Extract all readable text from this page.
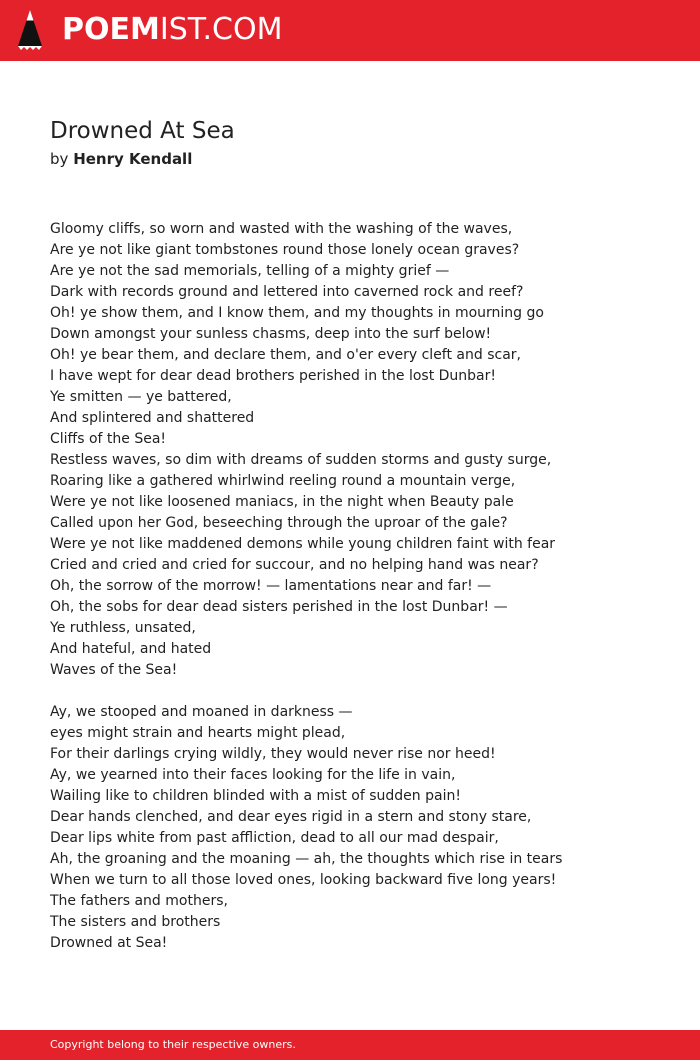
POEMIST.COM
Drowned At Sea
by Henry Kendall
Gloomy cliffs, so worn and wasted with the washing of the waves,
Are ye not like giant tombstones round those lonely ocean graves?
Are ye not the sad memorials, telling of a mighty grief —
Dark with records ground and lettered into caverned rock and reef?
Oh! ye show them, and I know them, and my thoughts in mourning go
Down amongst your sunless chasms, deep into the surf below!
Oh! ye bear them, and declare them, and o'er every cleft and scar,
I have wept for dear dead brothers perished in the lost Dunbar!
Ye smitten — ye battered,
And splintered and shattered
Cliffs of the Sea!
Restless waves, so dim with dreams of sudden storms and gusty surge,
Roaring like a gathered whirlwind reeling round a mountain verge,
Were ye not like loosened maniacs, in the night when Beauty pale
Called upon her God, beseeching through the uproar of the gale?
Were ye not like maddened demons while young children faint with fear
Cried and cried and cried for succour, and no helping hand was near?
Oh, the sorrow of the morrow! — lamentations near and far! —
Oh, the sobs for dear dead sisters perished in the lost Dunbar! —
Ye ruthless, unsated,
And hateful, and hated
Waves of the Sea!
Ay, we stooped and moaned in darkness —
eyes might strain and hearts might plead,
For their darlings crying wildly, they would never rise nor heed!
Ay, we yearned into their faces looking for the life in vain,
Wailing like to children blinded with a mist of sudden pain!
Dear hands clenched, and dear eyes rigid in a stern and stony stare,
Dear lips white from past affliction, dead to all our mad despair,
Ah, the groaning and the moaning — ah, the thoughts which rise in tears
When we turn to all those loved ones, looking backward five long years!
The fathers and mothers,
The sisters and brothers
Drowned at Sea!
Copyright belong to their respective owners.
